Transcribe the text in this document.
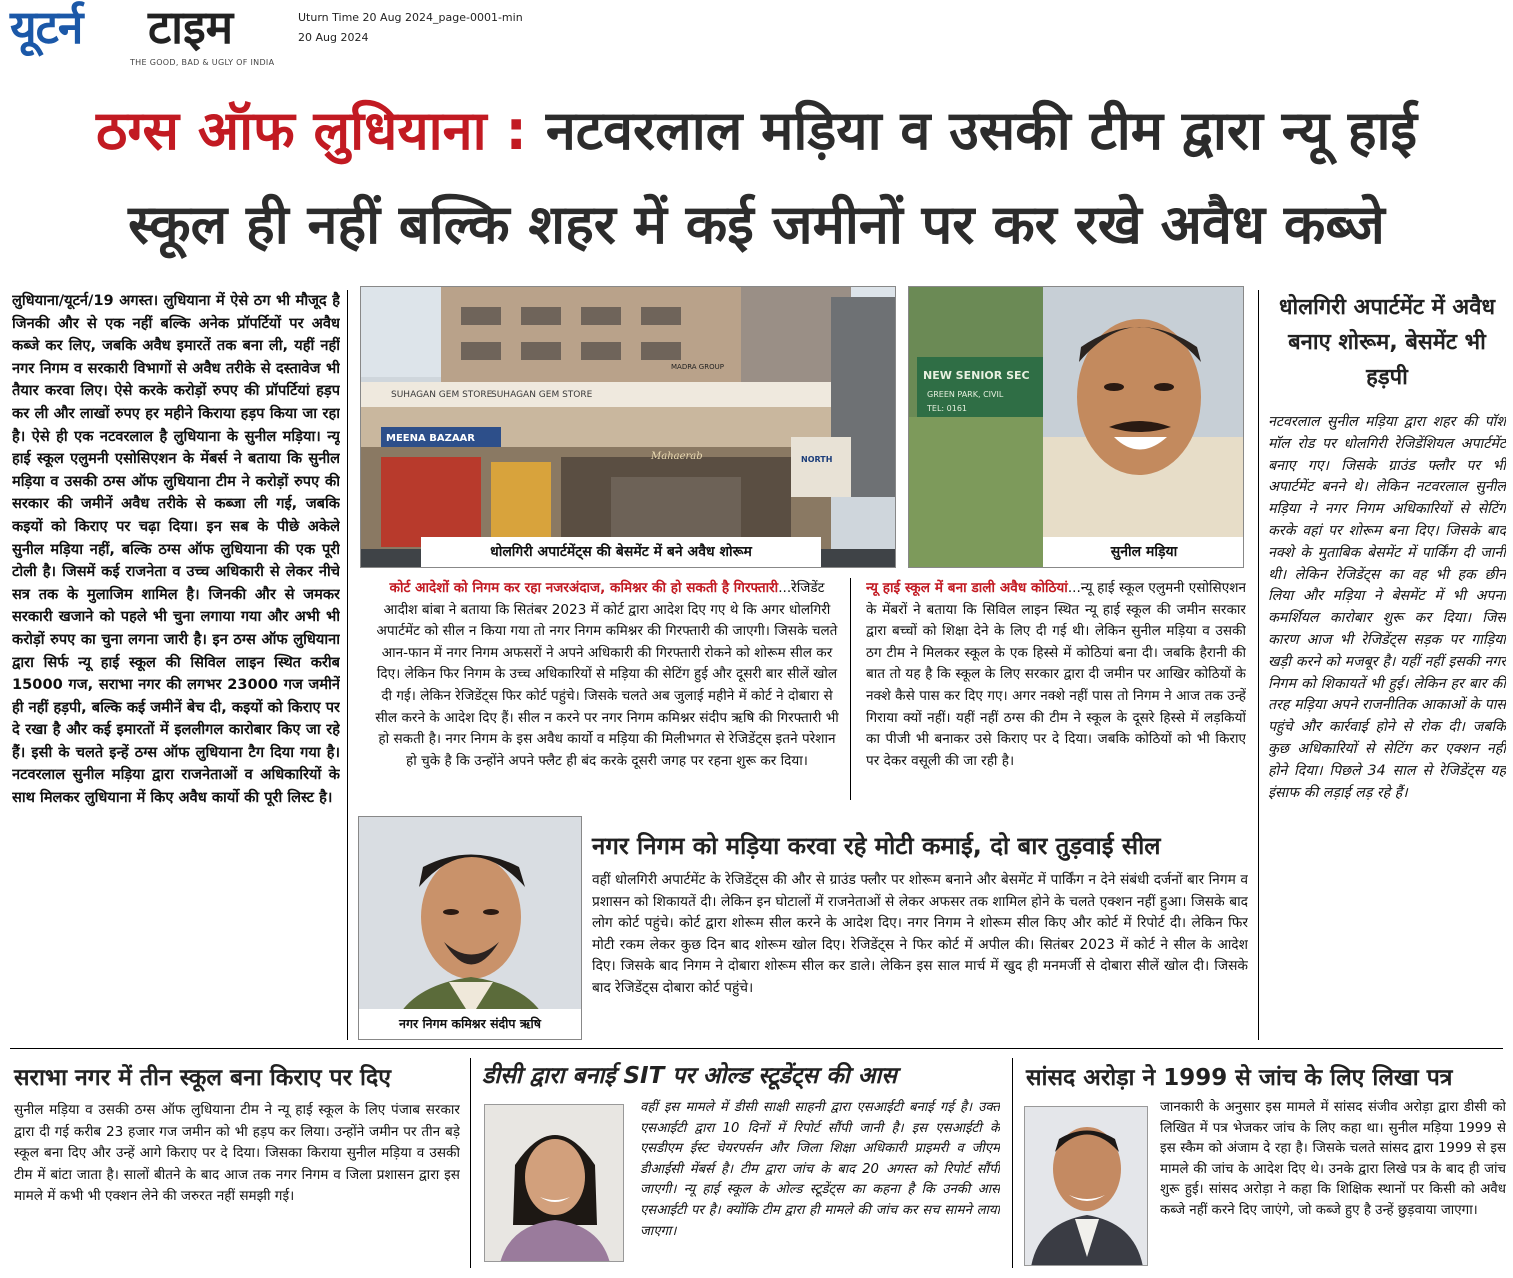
यूटर्न टाइम
THE GOOD, BAD & UGLY OF INDIA
Uturn Time 20 Aug 2024_page-0001-min
20 Aug 2024
ठग्स ऑफ लुधियाना : नटवरलाल मड़िया व उसकी टीम द्वारा न्यू हाई
स्कूल ही नहीं बल्कि शहर में कई जमीनों पर कर रखे अवैध कब्जे
लुधियाना/यूटर्न/19 अगस्त। लुधियाना में ऐसे ठग भी मौजूद है जिनकी और से एक नहीं बल्कि अनेक प्रॉपर्टियों पर अवैध कब्जे कर लिए, जबकि अवैध इमारतें तक बना ली, यहीं नहीं नगर निगम व सरकारी विभागों से अवैध तरीके से दस्तावेज भी तैयार करवा लिए। ऐसे करके करोड़ों रुपए की प्रॉपर्टियां हड़प कर ली और लाखों रुपए हर महीने किराया हड़प किया जा रहा है। ऐसे ही एक नटवरलाल है लुधियाना के सुनील मड़िया। न्यू हाई स्कूल एलुमनी एसोसिएशन के मेंबर्स ने बताया कि सुनील मड़िया व उसकी ठग्स ऑफ लुधियाना टीम ने करोड़ों रुपए की सरकार की जमीनें अवैध तरीके से कब्जा ली गई, जबकि कइयों को किराए पर चढ़ा दिया। इन सब के पीछे अकेले सुनील मड़िया नहीं, बल्कि ठग्स ऑफ लुधियाना की एक पूरी टोली है। जिसमें कई राजनेता व उच्च अधिकारी से लेकर नीचे सत्र तक के मुलाजिम शामिल है। जिनकी और से जमकर सरकारी खजाने को पहले भी चुना लगाया गया और अभी भी करोड़ों रुपए का चुना लगना जारी है। इन ठग्स ऑफ लुधियाना द्वारा सिर्फ न्यू हाई स्कूल की सिविल लाइन स्थित करीब 15000 गज, सराभा नगर की लगभर 23000 गज जमीनें ही नहीं हड़पी, बल्कि कई जमीनें बेच दी, कइयों को किराए पर दे रखा है और कई इमारतों में इललीगल कारोबार किए जा रहे हैं। इसी के चलते इन्हें ठग्स ऑफ लुधियाना टैग दिया गया है। नटवरलाल सुनील मड़िया द्वारा राजनेताओं व अधिकारियों के साथ मिलकर लुधियाना में किए अवैध कार्यो की पूरी लिस्ट है।
SUHAGAN GEM STORE
SUHAGAN GEM STORE
MADRA GROUP
MEENA BAZAAR
Mahaerab	NORTH
धोलगिरी अपार्टमेंट्स की बेसमेंट में बने अवैध शोरूम
NEW SENIOR SEC
GREEN PARK, CIVIL
TEL: 0161
सुनील मड़िया
धोलगिरी अपार्टमेंट में अवैध बनाए शोरूम, बेसमेंट भी हड़पी
नटवरलाल सुनील मड़िया द्वारा शहर की पॉश मॉल रोड पर धोलगिरी रेजिडेंशियल अपार्टमेंट बनाए गए। जिसके ग्राउंड फ्लौर पर भी अपार्टमेंट बनने थे। लेकिन नटवरलाल सुनील मड़िया ने नगर निगम अधिकारियों से सेटिंग करके वहां पर शोरूम बना दिए। जिसके बाद नक्शे के मुताबिक बेसमेंट में पार्किंग दी जानी थी। लेकिन रेजिडेंट्स का वह भी हक छीन लिया और मड़िया ने बेसमेंट में भी अपना कमर्शियल कारोबार शुरू कर दिया। जिस कारण आज भी रेजिडेंट्स सड़क पर गाड़ियां खड़ी करने को मजबूर है। यहीं नहीं इसकी नगर निगम को शिकायतें भी हुई। लेकिन हर बार की तरह मड़िया अपने राजनीतिक आकाओं के पास पहुंचे और कार्रवाई होने से रोक दी। जबकि कुछ अधिकारियों से सेटिंग कर एक्शन नहीं होने दिया। पिछले 34 साल से रेजिडेंट्स यह इंसाफ की लड़ाई लड़ रहे हैं।
कोर्ट आदेशों को निगम कर रहा नजरअंदाज, कमिश्नर की हो सकती है गिरफ्तारी...रेजिडेंट आदीश बांबा ने बताया कि सितंबर 2023 में कोर्ट द्वारा आदेश दिए गए थे कि अगर धोलगिरी अपार्टमेंट को सील न किया गया तो नगर निगम कमिश्नर की गिरफ्तारी की जाएगी। जिसके चलते आन-फान में नगर निगम अफसरों ने अपने अधिकारी की गिरफ्तारी रोकने को शोरूम सील कर दिए। लेकिन फिर निगम के उच्च अधिकारियों से मड़िया की सेटिंग हुई और दूसरी बार सीलें खोल दी गई। लेकिन रेजिडेंट्स फिर कोर्ट पहुंचे। जिसके चलते अब जुलाई महीने में कोर्ट ने दोबारा से सील करने के आदेश दिए हैं। सील न करने पर नगर निगम कमिश्नर संदीप ऋषि की गिरफ्तारी भी हो सकती है। नगर निगम के इस अवैध कार्यो व मड़िया की मिलीभगत से रेजिडेंट्स इतने परेशान हो चुके है कि उन्होंने अपने फ्लैट ही बंद करके दूसरी जगह पर रहना शुरू कर दिया।
न्यू हाई स्कूल में बना डाली अवैध कोठियां...न्यू हाई स्कूल एलुमनी एसोसिएशन के मेंबरों ने बताया कि सिविल लाइन स्थित न्यू हाई स्कूल की जमीन सरकार द्वारा बच्चों को शिक्षा देने के लिए दी गई थी। लेकिन सुनील मड़िया व उसकी ठग टीम ने मिलकर स्कूल के एक हिस्से में कोठियां बना दी। जबकि हैरानी की बात तो यह है कि स्कूल के लिए सरकार द्वारा दी जमीन पर आखिर कोठियों के नक्शे कैसे पास कर दिए गए। अगर नक्शे नहीं पास तो निगम ने आज तक उन्हें गिराया क्यों नहीं। यहीं नहीं ठग्स की टीम ने स्कूल के दूसरे हिस्से में लड़कियों का पीजी भी बनाकर उसे किराए पर दे दिया। जबकि कोठियों को भी किराए पर देकर वसूली की जा रही है।
नगर निगम कमिश्नर संदीप ऋषि
नगर निगम को मड़िया करवा रहे मोटी कमाई, दो बार तुड़वाई सील
वहीं धोलगिरी अपार्टमेंट के रेजिडेंट्स की और से ग्राउंड फ्लौर पर शोरूम बनाने और बेसमेंट में पार्किंग न देने संबंधी दर्जनों बार निगम व प्रशासन को शिकायतें दी। लेकिन इन घोटालों में राजनेताओं से लेकर अफसर तक शामिल होने के चलते एक्शन नहीं हुआ। जिसके बाद लोग कोर्ट पहुंचे। कोर्ट द्वारा शोरूम सील करने के आदेश दिए। नगर निगम ने शोरूम सील किए और कोर्ट में रिपोर्ट दी। लेकिन फिर मोटी रकम लेकर कुछ दिन बाद शोरूम खोल दिए। रेजिडेंट्स ने फिर कोर्ट में अपील की। सितंबर 2023 में कोर्ट ने सील के आदेश दिए। जिसके बाद निगम ने दोबारा शोरूम सील कर डाले। लेकिन इस साल मार्च में खुद ही मनमर्जी से दोबारा सीलें खोल दी। जिसके बाद रेजिडेंट्स दोबारा कोर्ट पहुंचे।
सराभा नगर में तीन स्कूल बना किराए पर दिए
सुनील मड़िया व उसकी ठग्स ऑफ लुधियाना टीम ने न्यू हाई स्कूल के लिए पंजाब सरकार द्वारा दी गई करीब 23 हजार गज जमीन को भी हड़प कर लिया। उन्होंने जमीन पर तीन बड़े स्कूल बना दिए और उन्हें आगे किराए पर दे दिया। जिसका किराया सुनील मड़िया व उसकी टीम में बांटा जाता है। सालों बीतने के बाद आज तक नगर निगम व जिला प्रशासन द्वारा इस मामले में कभी भी एक्शन लेने की जरुरत नहीं समझी गई।
डीसी द्वारा बनाई SIT पर ओल्ड स्टूडेंट्स की आस
वहीं इस मामले में डीसी साक्षी साहनी द्वारा एसआईटी बनाई गई है। उक्त एसआईटी द्वारा 10 दिनों में रिपोर्ट सौंपी जानी है। इस एसआईटी के एसडीएम ईस्ट चेयरपर्सन और जिला शिक्षा अधिकारी प्राइमरी व जीएम डीआईसी मेंबर्स है। टीम द्वारा जांच के बाद 20 अगस्त को रिपोर्ट सौंपी जाएगी। न्यू हाई स्कूल के ओल्ड स्टूडेंट्स का कहना है कि उनकी आस एसआईटी पर है। क्योंकि टीम द्वारा ही मामले की जांच कर सच सामने लाया जाएगा।
सांसद अरोड़ा ने 1999 से जांच के लिए लिखा पत्र
जानकारी के अनुसार इस मामले में सांसद संजीव अरोड़ा द्वारा डीसी को लिखित में पत्र भेजकर जांच के लिए कहा था। सुनील मड़िया 1999 से इस स्कैम को अंजाम दे रहा है। जिसके चलते सांसद द्वारा 1999 से इस मामले की जांच के आदेश दिए थे। उनके द्वारा लिखे पत्र के बाद ही जांच शुरू हुई। सांसद अरोड़ा ने कहा कि शिक्षिक स्थानों पर किसी को अवैध कब्जे नहीं करने दिए जाएंगे, जो कब्जे हुए है उन्हें छुड़वाया जाएगा।
